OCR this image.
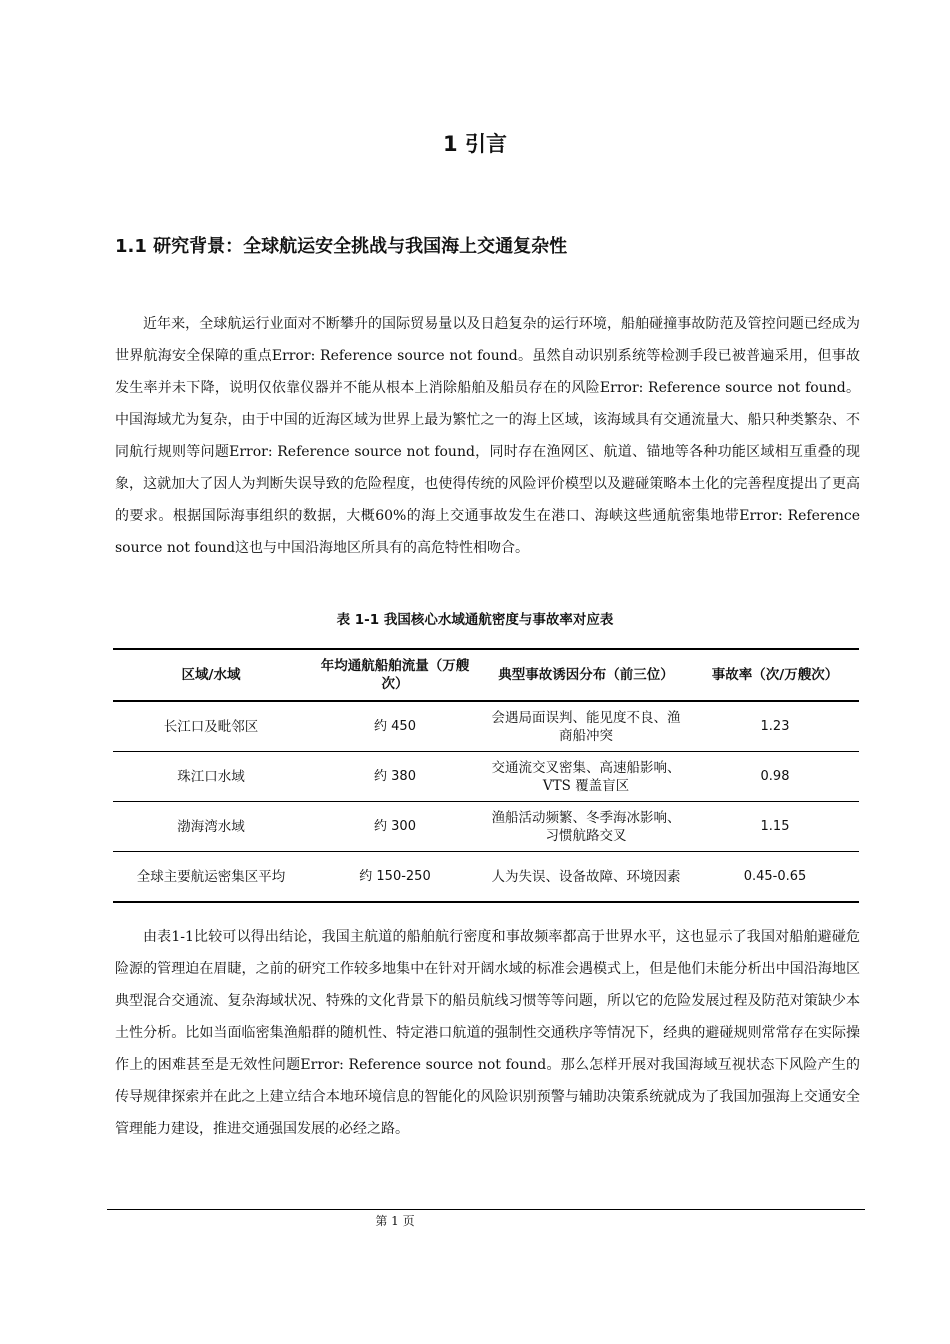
1 引言
1.1 研究背景：全球航运安全挑战与我国海上交通复杂性

近年来，全球航运行业面对不断攀升的国际贸易量以及日趋复杂的运行环境，船舶碰撞事故防范及管控问题已经成为世界航海安全保障的重点Error: Reference source not found。虽然自动识别系统等检测手段已被普遍采用，但事故发生率并未下降，说明仅依靠仪器并不能从根本上消除船舶及船员存在的风险Error: Reference source not found。中国海域尤为复杂，由于中国的近海区域为世界上最为繁忙之一的海上区域，该海域具有交通流量大、船只种类繁杂、不同航行规则等问题Error: Reference source not found，同时存在渔网区、航道、锚地等各种功能区域相互重叠的现象，这就加大了因人为判断失误导致的危险程度，也使得传统的风险评价模型以及避碰策略本土化的完善程度提出了更高的要求。根据国际海事组织的数据，大概60%的海上交通事故发生在港口、海峡这些通航密集地带Error: Reference source not found这也与中国沿海地区所具有的高危特性相吻合。

表 1-1 我国核心水域通航密度与事故率对应表
区域/水域	年均通航船舶流量（万艘次）	典型事故诱因分布（前三位）	事故率（次/万艘次）
长江口及毗邻区	约 450	会遇局面误判、能见度不良、渔商船冲突	1.23
珠江口水域	约 380	交通流交叉密集、高速船影响、VTS 覆盖盲区	0.98
渤海湾水域	约 300	渔船活动频繁、冬季海冰影响、习惯航路交叉	1.15
全球主要航运密集区平均	约 150-250	人为失误、设备故障、环境因素	0.45-0.65

由表1-1比较可以得出结论，我国主航道的船舶航行密度和事故频率都高于世界水平，这也显示了我国对船舶避碰危险源的管理迫在眉睫，之前的研究工作较多地集中在针对开阔水域的标准会遇模式上，但是他们未能分析出中国沿海地区典型混合交通流、复杂海域状况、特殊的文化背景下的船员航线习惯等等问题，所以它的危险发展过程及防范对策缺少本土性分析。比如当面临密集渔船群的随机性、特定港口航道的强制性交通秩序等情况下，经典的避碰规则常常存在实际操作上的困难甚至是无效性问题Error: Reference source not found。那么怎样开展对我国海域互视状态下风险产生的传导规律探索并在此之上建立结合本地环境信息的智能化的风险识别预警与辅助决策系统就成为了我国加强海上交通安全管理能力建设，推进交通强国发展的必经之路。

第 1 页
